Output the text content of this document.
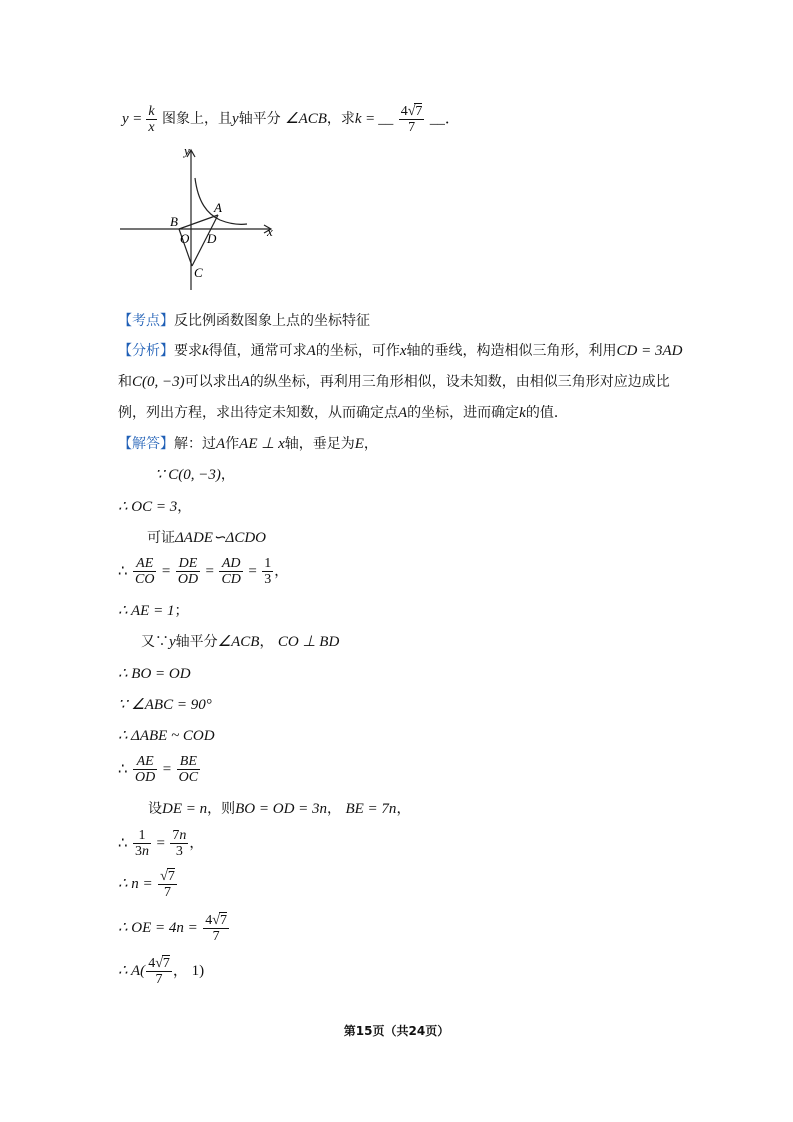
$y = \frac{k}{x}$ 图象上，且y轴平分 ∠ACB，求k = __ $\frac{4√7}{7}$ __．
y
x
A
B
O D
C
【考点】反比例函数图象上点的坐标特征
【分析】要求k得值，通常可求A的坐标，可作x轴的垂线，构造相似三角形，利用CD = 3AD
和C(0, −3)可以求出A的纵坐标，再利用三角形相似，设未知数，由相似三角形对应边成比
例，列出方程，求出待定未知数，从而确定点A的坐标，进而确定k的值．
【解答】解：过A作AE ⊥ x轴，垂足为E，
∵ C(0, −3)，
∴ OC = 3，
可证ΔADE∽ΔCDO
∴ $\frac{AE}{CO} = \frac{DE}{OD} = \frac{AD}{CD} = \frac{1}{3}$ ，
∴ AE = 1；
又∵y轴平分∠ACB， CO ⊥ BD
∴ BO = OD
∵ ∠ABC = 90°
∴ ΔABE ~ COD
∴ $\frac{AE}{OD} = \frac{BE}{OC}$
设DE = n，则BO = OD = 3n， BE = 7n，
∴ $\frac{1}{3n} = \frac{7n}{3}$ ，
∴ $n = \frac{√7}{7}$
∴ OE = $4n = \frac{4√7}{7}$
∴ $A( \frac{4√7}{7}$ ， 1)
第15页（共24页）
